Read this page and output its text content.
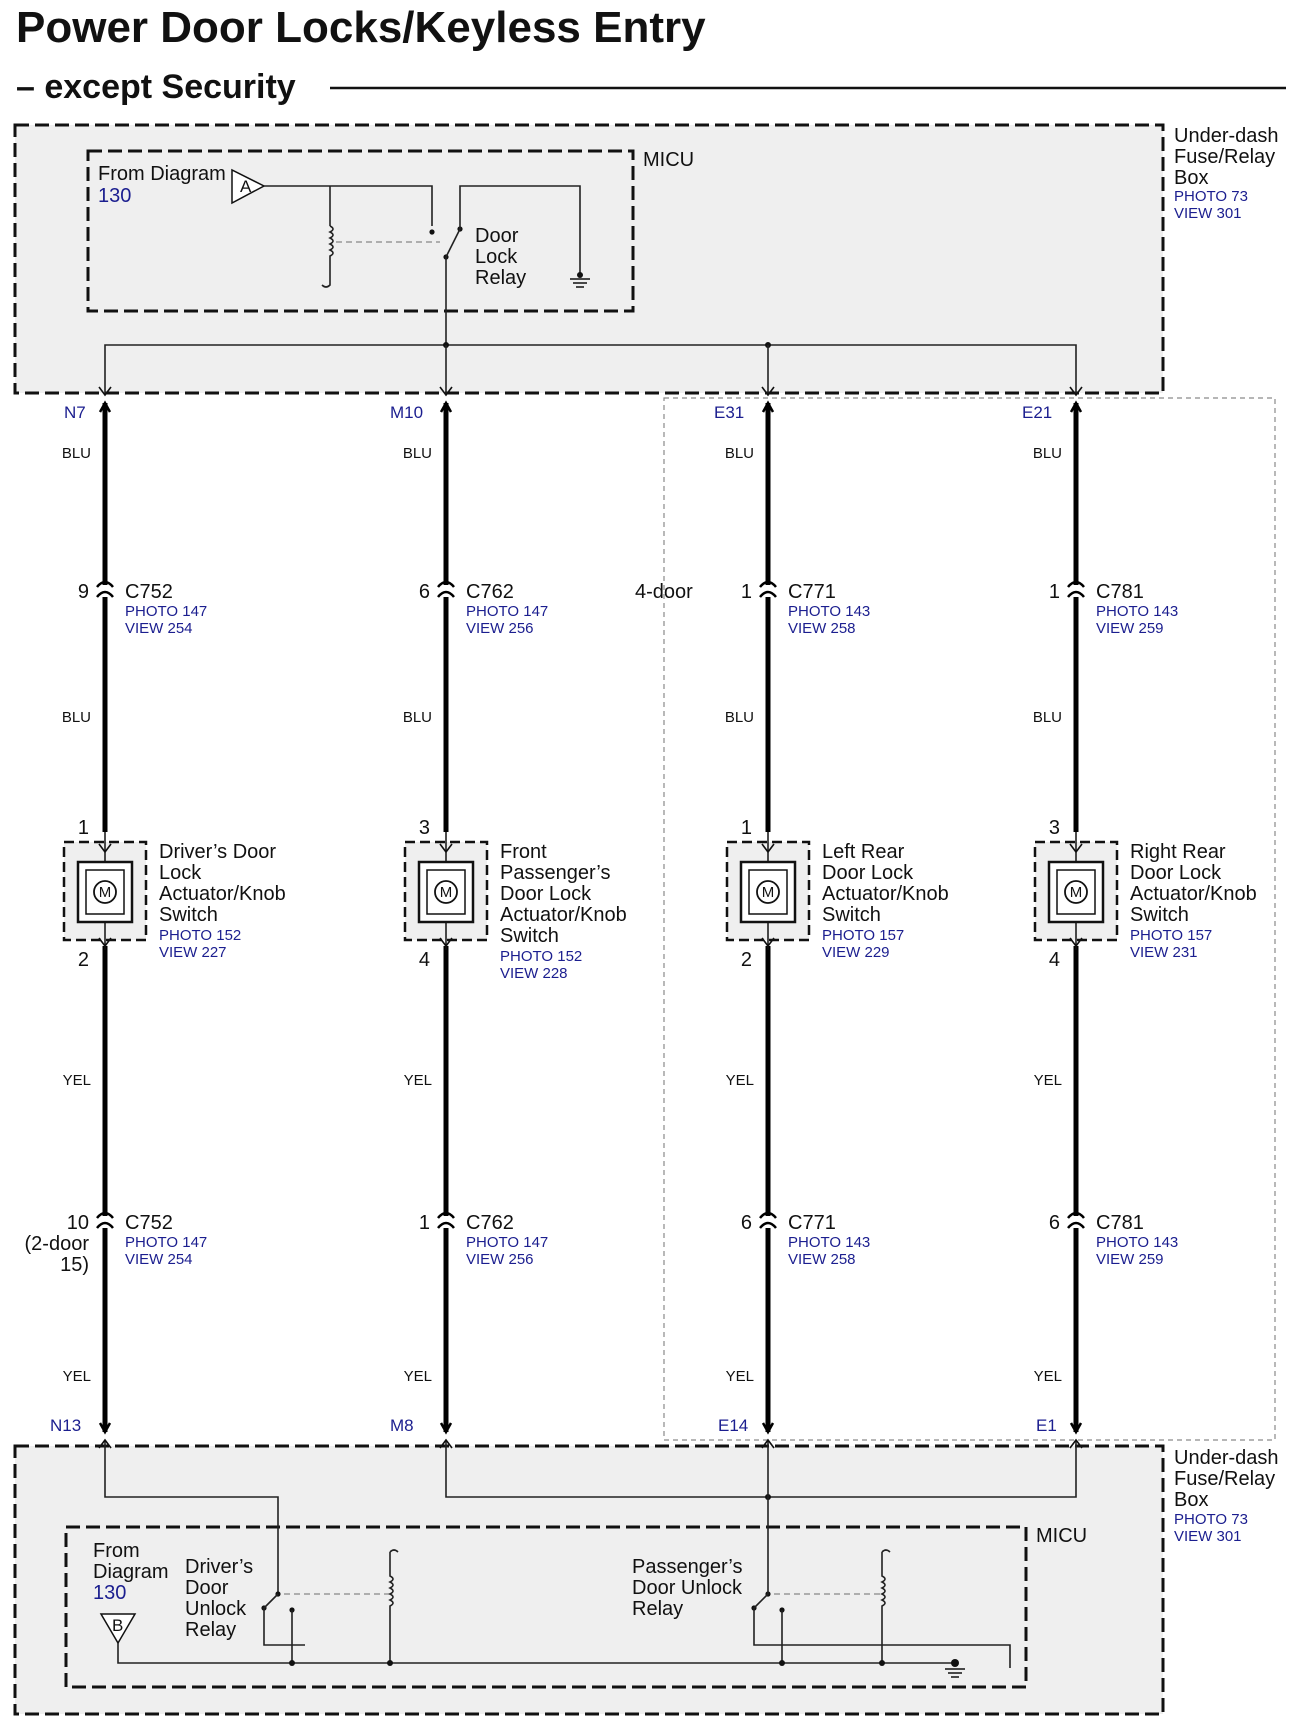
Power Door Locks/Keyless Entry
– except Security
MICU
Under-dash Fuse/Relay Box
PHOTO 73
VIEW 301
From Diagram
130	A
Door Lock Relay
4-door
MICU
Under-dash Fuse/Relay Box
PHOTO 73
VIEW 301
From Diagram
130
B
Driver’s Door Unlock Relay
Passenger’s Door Unlock Relay
N7
N13
BLU
BLU
YEL
YEL
9 C752
PHOTO 147
VIEW 254
10 (2-door 15)
C752
PHOTO 147
VIEW 254
1
2
M
Driver’s Door Lock Actuator/Knob Switch
PHOTO 152
VIEW 227
M10
M8
BLU
BLU
YEL
YEL
6 C762
PHOTO 147
VIEW 256
1 C762
PHOTO 147
VIEW 256
3
4
M
Front Passenger’s Door Lock Actuator/Knob Switch
PHOTO 152
VIEW 228
E31
E14
BLU
BLU
YEL
YEL
1 C771
PHOTO 143
VIEW 258
6 C771
PHOTO 143
VIEW 258
1
2
M
Left Rear Door Lock Actuator/Knob Switch
PHOTO 157
VIEW 229
E21
E1
BLU
BLU
YEL
YEL
1 C781
PHOTO 143
VIEW 259
6 C781
PHOTO 143
VIEW 259
3
4
M
Right Rear Door Lock Actuator/Knob Switch
PHOTO 157
VIEW 231
